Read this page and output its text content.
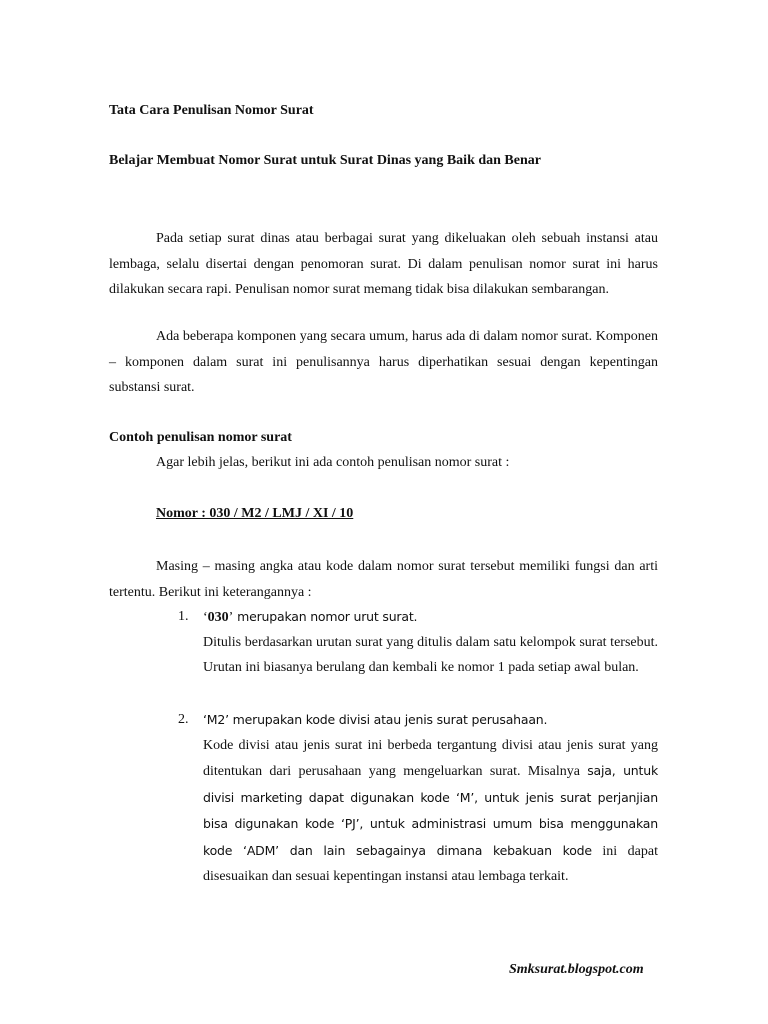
Tata Cara Penulisan Nomor Surat
Belajar Membuat Nomor Surat untuk Surat Dinas yang Baik dan Benar

Pada setiap surat dinas atau berbagai surat yang dikeluakan oleh sebuah instansi atau lembaga, selalu disertai dengan penomoran surat. Di dalam penulisan nomor surat ini harus dilakukan secara rapi. Penulisan nomor surat memang tidak bisa dilakukan sembarangan.

Ada beberapa komponen yang secara umum, harus ada di dalam nomor surat. Komponen – komponen dalam surat ini penulisannya harus diperhatikan sesuai dengan kepentingan substansi surat.

Contoh penulisan nomor surat
Agar lebih jelas, berikut ini ada contoh penulisan nomor surat :
Nomor : 030 / M2 / LMJ / XI / 10

Masing – masing angka atau kode dalam nomor surat tersebut memiliki fungsi dan arti tertentu. Berikut ini keterangannya :

1. ‘030’ merupakan nomor urut surat.

Ditulis berdasarkan urutan surat yang ditulis dalam satu kelompok surat tersebut. Urutan ini biasanya berulang dan kembali ke nomor 1 pada setiap awal bulan.

2. ‘M2’ merupakan kode divisi atau jenis surat perusahaan.

Kode divisi atau jenis surat ini berbeda tergantung divisi atau jenis surat yang ditentukan dari perusahaan yang mengeluarkan surat. Misalnya saja, untuk divisi marketing dapat digunakan kode ‘M’, untuk jenis surat perjanjian bisa digunakan kode ‘PJ’, untuk administrasi umum bisa menggunakan kode ‘ADM’ dan lain sebagainya dimana kebakuan kode ini dapat disesuaikan dan sesuai kepentingan instansi atau lembaga terkait.

Smksurat.blogspot.com
